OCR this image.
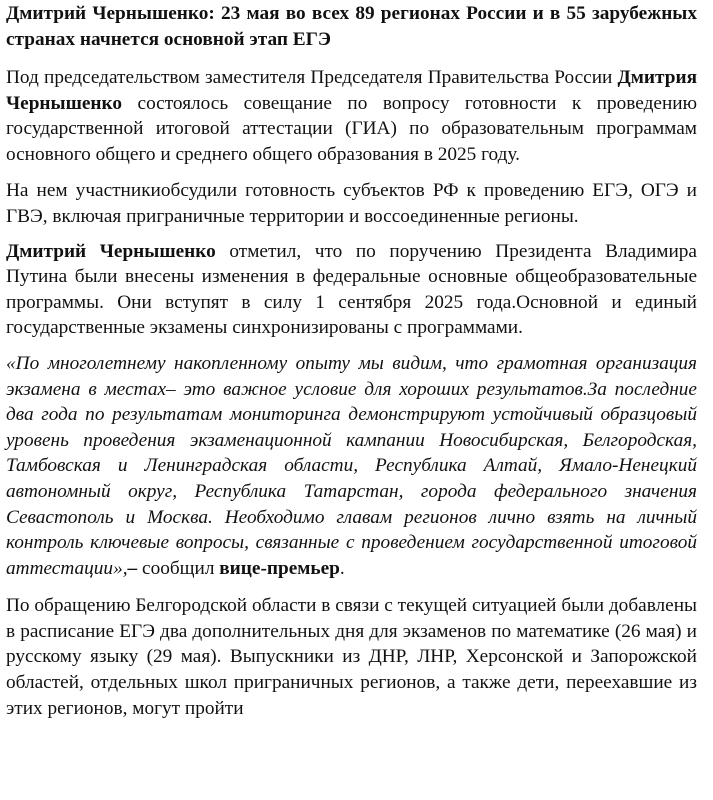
Дмитрий Чернышенко: 23 мая во всех 89 регионах России и в 55 зарубежных странах начнется основной этап ЕГЭ

Под председательством заместителя Председателя Правительства России Дмитрия Чернышенко состоялось совещание по вопросу готовности к проведению государственной итоговой аттестации (ГИА) по образовательным программам основного общего и среднего общего образования в 2025 году.

На нем участникиобсудили готовность субъектов РФ к проведению ЕГЭ, ОГЭ и ГВЭ, включая приграничные территории и воссоединенные регионы.

Дмитрий Чернышенко отметил, что по поручению Президента Владимира Путина были внесены изменения в федеральные основные общеобразовательные программы. Они вступят в силу 1 сентября 2025 года.Основной и единый государственные экзамены синхронизированы с программами.

«По многолетнему накопленному опыту мы видим, что грамотная организация экзамена в местах– это важное условие для хороших результатов.За последние два года по результатам мониторинга демонстрируют устойчивый образцовый уровень проведения экзаменационной кампании Новосибирская, Белгородская, Тамбовская и Ленинградская области, Республика Алтай, Ямало-Ненецкий автономный округ, Республика Татарстан, города федерального значения Севастополь и Москва. Необходимо главам регионов лично взять на личный контроль ключевые вопросы, связанные с проведением государственной итоговой аттестации»,– сообщил вице-премьер.

По обращению Белгородской области в связи с текущей ситуацией были добавлены в расписание ЕГЭ два дополнительных дня для экзаменов по математике (26 мая) и русскому языку (29 мая). Выпускники из ДНР, ЛНР, Херсонской и Запорожской областей, отдельных школ приграничных регионов, а также дети, переехавшие из этих регионов, могут пройти
